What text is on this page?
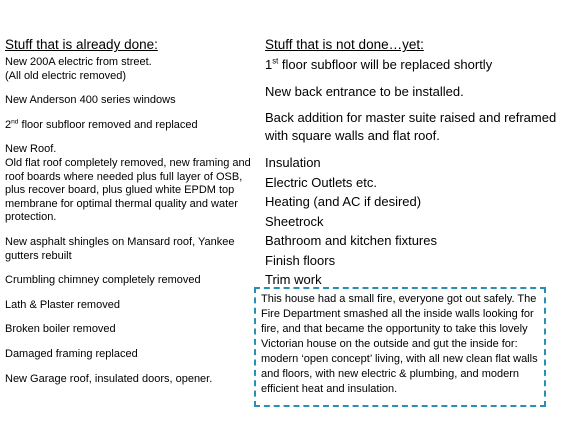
Stuff that is already done:
New 200A electric from street.
(All old electric removed)
New Anderson 400 series windows
2nd floor subfloor removed and replaced
New Roof.
Old flat roof completely removed, new framing and roof boards where needed plus full layer of OSB, plus recover board, plus glued white EPDM top membrane for optimal thermal quality and water protection.
New asphalt shingles on Mansard roof, Yankee gutters rebuilt
Crumbling chimney completely removed
Lath & Plaster removed
Broken boiler removed
Damaged framing replaced
New Garage roof, insulated doors, opener.
Stuff that is not done…yet:
1st floor subfloor will be replaced shortly
New back entrance to be installed.
Back addition for master suite raised and reframed with square walls and flat roof.
Insulation
Electric Outlets etc.
Heating (and AC if desired)
Sheetrock
Bathroom and kitchen fixtures
Finish floors
Trim work
This house had a small fire, everyone got out safely. The Fire Department smashed all the inside walls looking for fire, and that became the opportunity to take this lovely Victorian house on the outside and gut the inside for: modern ‘open concept’ living, with all new clean flat walls and floors, with new electric & plumbing, and modern efficient heat and insulation.
